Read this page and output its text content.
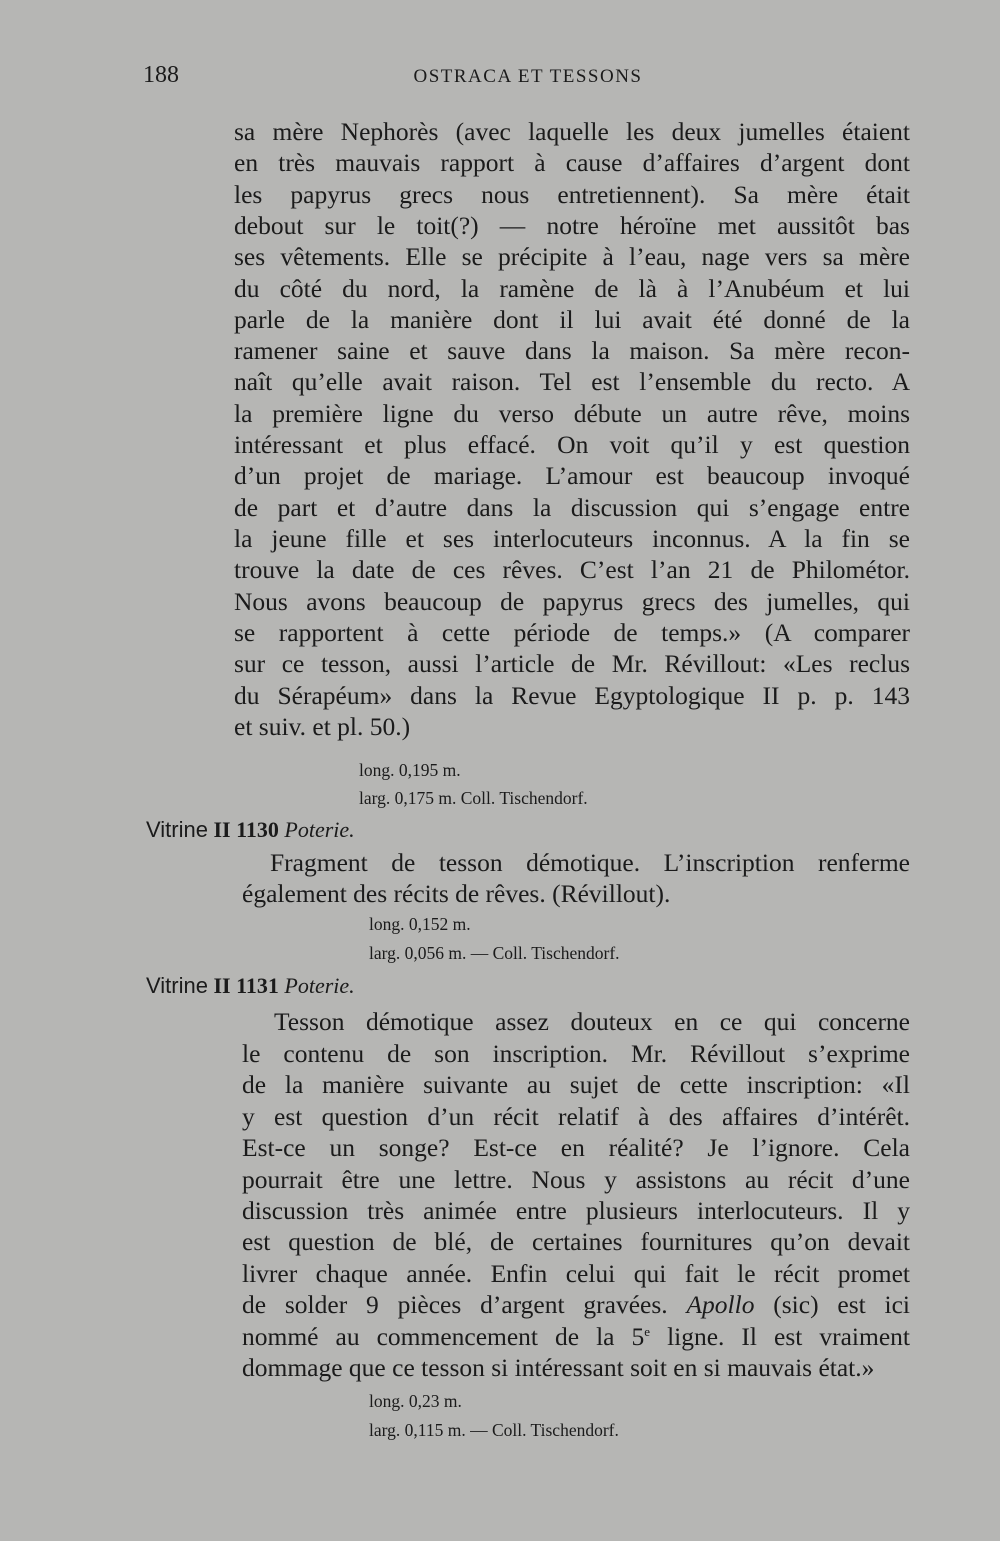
188	OSTRACA ET TESSONS

sa mère Nephorès (avec laquelle les deux jumelles étaient

en très mauvais rapport à cause d’affaires d’argent dont

les papyrus grecs nous entretiennent). Sa mère était

debout sur le toit(?) — notre héroïne met aussitôt bas

ses vêtements. Elle se précipite à l’eau, nage vers sa mère

du côté du nord, la ramène de là à l’Anubéum et lui

parle de la manière dont il lui avait été donné de la

ramener saine et sauve dans la maison. Sa mère recon-

naît qu’elle avait raison. Tel est l’ensemble du recto. A

la première ligne du verso débute un autre rêve, moins

intéressant et plus effacé. On voit qu’il y est question

d’un projet de mariage. L’amour est beaucoup invoqué

de part et d’autre dans la discussion qui s’engage entre

la jeune fille et ses interlocuteurs inconnus. A la fin se

trouve la date de ces rêves. C’est l’an 21 de Philométor.

Nous avons beaucoup de papyrus grecs des jumelles, qui

se rapportent à cette période de temps.» (A comparer

sur ce tesson, aussi l’article de Mr. Révillout: «Les reclus

du Sérapéum» dans la Revue Egyptologique II p. p. 143

et suiv. et pl. 50.)

long. 0,195 m.

larg. 0,175 m. Coll. Tischendorf.

Vitrine II 1130 Poterie.

Fragment de tesson démotique. L’inscription renferme

également des récits de rêves. (Révillout).

long. 0,152 m.

larg. 0,056 m. — Coll. Tischendorf.

Vitrine II 1131 Poterie.

Tesson démotique assez douteux en ce qui concerne

le contenu de son inscription. Mr. Révillout s’exprime

de la manière suivante au sujet de cette inscription: «Il

y est question d’un récit relatif à des affaires d’intérêt.

Est-ce un songe? Est-ce en réalité? Je l’ignore. Cela

pourrait être une lettre. Nous y assistons au récit d’une

discussion très animée entre plusieurs interlocuteurs. Il y

est question de blé, de certaines fournitures qu’on devait

livrer chaque année. Enfin celui qui fait le récit promet

de solder 9 pièces d’argent gravées. Apollo (sic) est ici

nommé au commencement de la 5e ligne. Il est vraiment

dommage que ce tesson si intéressant soit en si mauvais état.»

long. 0,23 m.

larg. 0,115 m. — Coll. Tischendorf.
